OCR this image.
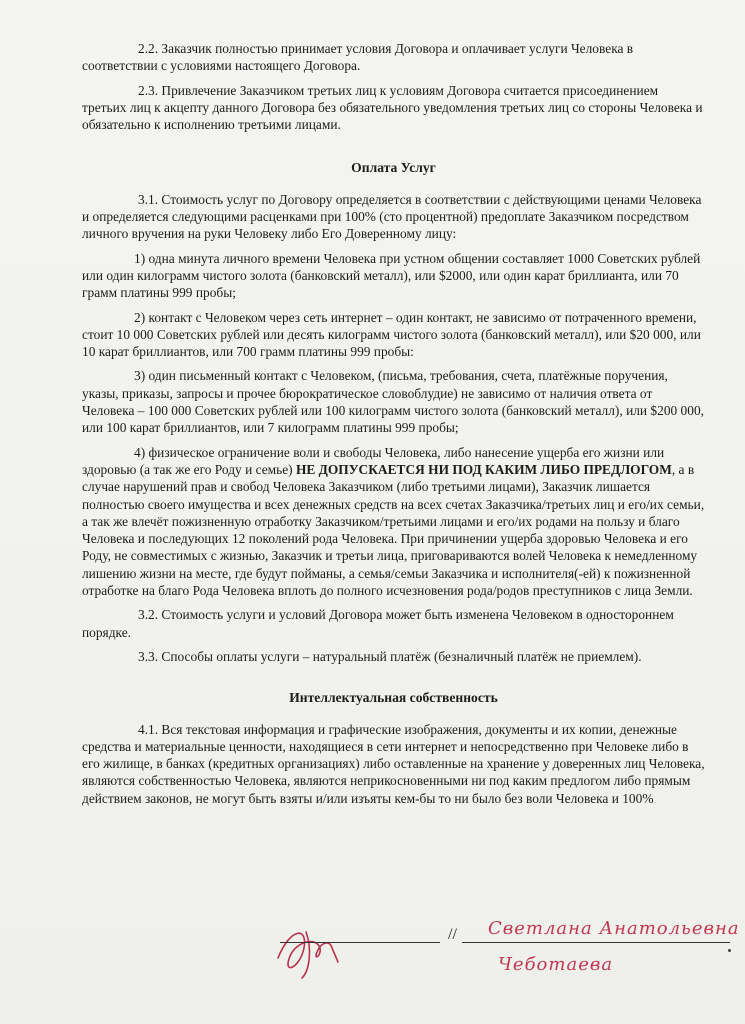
2.2. Заказчик полностью принимает условия Договора и оплачивает услуги Человека в соответствии с условиями настоящего Договора.

2.3. Привлечение Заказчиком третьих лиц к условиям Договора считается присоединением третьих лиц к акцепту данного Договора без обязательного уведомления третьих лиц со стороны Человека и обязательно к исполнению третьими лицами.

Оплата Услуг

3.1. Стоимость услуг по Договору определяется в соответствии с действующими ценами Человека и определяется следующими расценками при 100% (сто процентной) предоплате Заказчиком посредством личного вручения на руки Человеку либо Его Доверенному лицу:

1) одна минута личного времени Человека при устном общении составляет 1000 Советских рублей или один килограмм чистого золота (банковский металл), или $2000, или один карат бриллианта, или 70 грамм платины 999 пробы;

2) контакт с Человеком через сеть интернет – один контакт, не зависимо от потраченного времени, стоит 10 000 Советских рублей или десять килограмм чистого золота (банковский металл), или $20 000, или 10 карат бриллиантов, или 700 грамм платины 999 пробы:

3) один письменный контакт с Человеком, (письма, требования, счета, платёжные поручения, указы, приказы, запросы и прочее бюрократическое словоблудие) не зависимо от наличия ответа от Человека – 100 000 Советских рублей или 100 килограмм чистого золота (банковский металл), или $200 000, или 100 карат бриллиантов, или 7 килограмм платины 999 пробы;

4) физическое ограничение воли и свободы Человека, либо нанесение ущерба его жизни или здоровью (а так же его Роду и семье) НЕ ДОПУСКАЕТСЯ НИ ПОД КАКИМ ЛИБО ПРЕДЛОГОМ, а в случае нарушений прав и свобод Человека Заказчиком (либо третьими лицами), Заказчик лишается полностью своего имущества и всех денежных средств на всех счетах Заказчика/третьих лиц и его/их семьи, а так же влечёт пожизненную отработку Заказчиком/третьими лицами и его/их родами на пользу и благо Человека и последующих 12 поколений рода Человека. При причинении ущерба здоровью Человека и его Роду, не совместимых с жизнью, Заказчик и третьи лица, приговариваются волей Человека к немедленному лишению жизни на месте, где будут пойманы, а семья/семьи Заказчика и исполнителя(-ей) к пожизненной отработке на благо Рода Человека вплоть до полного исчезновения рода/родов преступников с лица Земли.

3.2. Стоимость услуги и условий Договора может быть изменена Человеком в одностороннем порядке.

3.3. Способы оплаты услуги – натуральный платёж (безналичный платёж не приемлем).

Интеллектуальная собственность

4.1. Вся текстовая информация и графические изображения, документы и их копии, денежные средства и материальные ценности, находящиеся в сети интернет и непосредственно при Человеке либо в его жилище, в банках (кредитных организациях) либо оставленные на хранение у доверенных лиц Человека, являются собственностью Человека, являются неприкосновенными ни под каким предлогом либо прямым действием законов, не могут быть взяты и/или изъяты кем-бы то ни было без воли Человека и 100%

// Светлана Анатольевна
Чеботаева
